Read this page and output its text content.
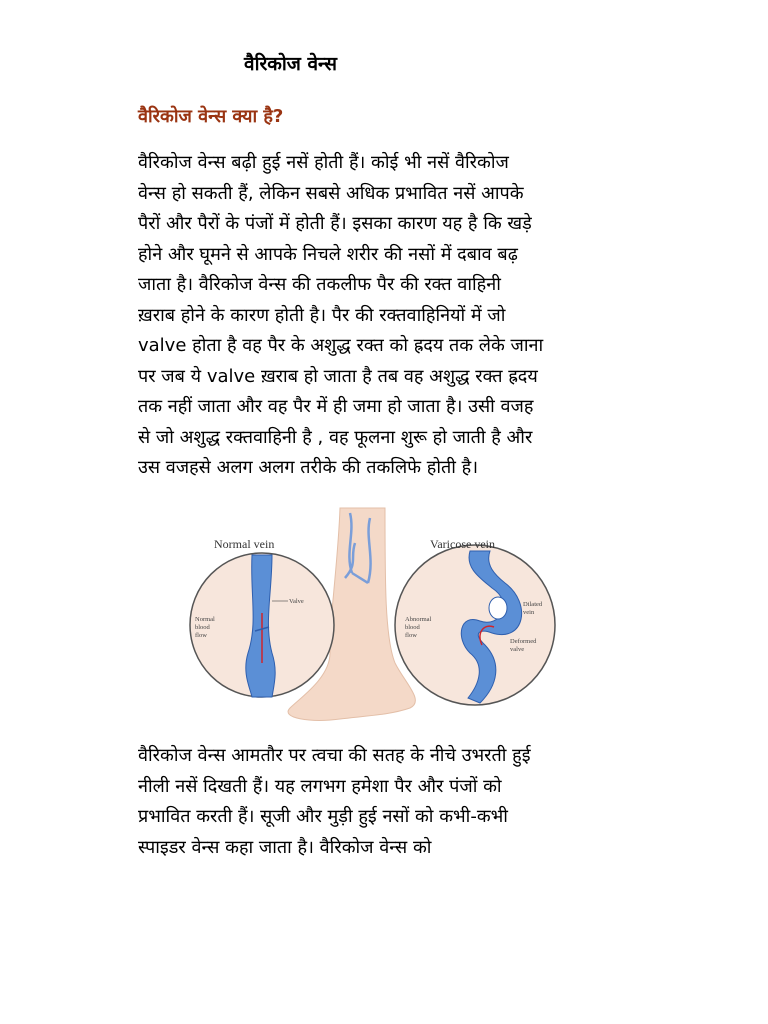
वैरिकोज वेन्स
वैरिकोज वेन्स क्या है?
वैरिकोज वेन्स बढ़ी हुई नसें होती हैं। कोई भी नसें वैरिकोज
वेन्स हो सकती हैं, लेकिन सबसे अधिक प्रभावित नसें आपके
पैरों और पैरों के पंजों में होती हैं। इसका कारण यह है कि खड़े
होने और घूमने से आपके निचले शरीर की नसों में दबाव बढ़
जाता है। वैरिकोज वेन्स की तकलीफ पैर की रक्त वाहिनी
ख़राब होने के कारण होती है। पैर की रक्तवाहिनियों में जो
valve होता है वह पैर के अशुद्ध रक्त को ह्रदय तक लेके जाना
पर जब ये valve ख़राब हो जाता है तब वह अशुद्ध रक्त ह्रदय
तक नहीं जाता और वह पैर में ही जमा हो जाता है। उसी वजह
से जो अशुद्ध रक्तवाहिनी है , वह फूलना शुरू हो जाती है और
उस वजहसे अलग अलग तरीके की तकलिफे होती है।
Valve
Normal
blood
flow
Abnormal
blood
flow
Dilated
vein
Deformed
valve
Normal vein	Varicose vein
वैरिकोज वेन्स आमतौर पर त्वचा की सतह के नीचे उभरती हुई
नीली नसें दिखती हैं। यह लगभग हमेशा पैर और पंजों को
प्रभावित करती हैं। सूजी और मुड़ी हुई नसों को कभी-कभी
स्पाइडर वेन्स कहा जाता है। वैरिकोज वेन्स को
